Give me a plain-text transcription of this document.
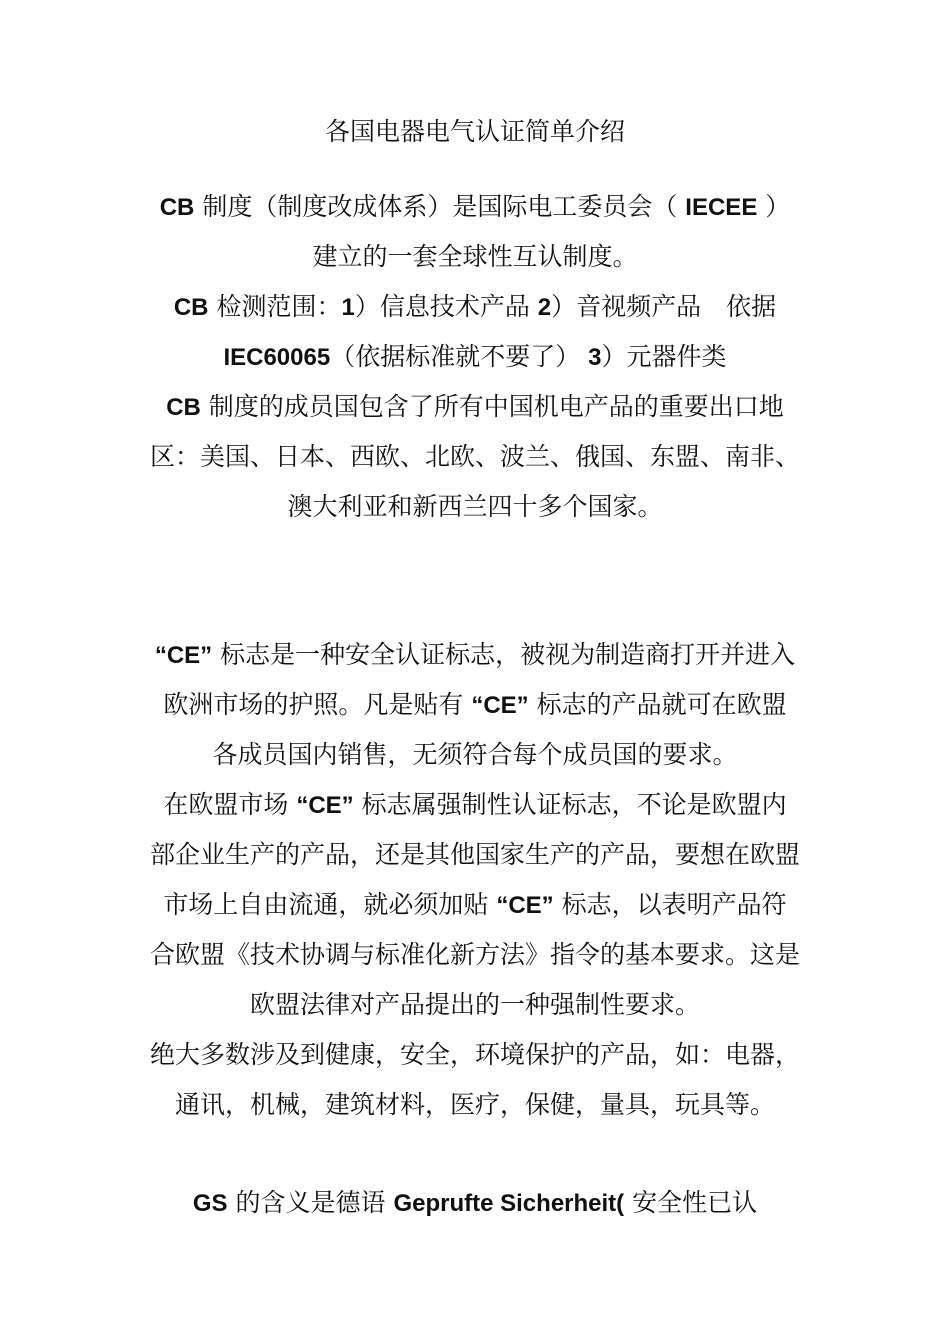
各国电器电气认证简单介绍
CB 制度（制度改成体系）是国际电工委员会（ IECEE ）
建立的一套全球性互认制度。
CB 检测范围：1）信息技术产品 2）音视频产品　依据
IEC60065（依据标准就不要了） 3）元器件类
CB 制度的成员国包含了所有中国机电产品的重要出口地
区：美国、日本、西欧、北欧、波兰、俄国、东盟、南非、
澳大利亚和新西兰四十多个国家。
“CE” 标志是一种安全认证标志，被视为制造商打开并进入
欧洲市场的护照。凡是贴有 “CE” 标志的产品就可在欧盟
各成员国内销售，无须符合每个成员国的要求。
在欧盟市场 “CE” 标志属强制性认证标志，不论是欧盟内
部企业生产的产品，还是其他国家生产的产品，要想在欧盟
市场上自由流通，就必须加贴 “CE” 标志，以表明产品符
合欧盟《技术协调与标准化新方法》指令的基本要求。这是
欧盟法律对产品提出的一种强制性要求。
绝大多数涉及到健康，安全，环境保护的产品，如：电器，
通讯，机械，建筑材料，医疗，保健，量具，玩具等。
GS 的含义是德语 Geprufte Sicherheit( 安全性已认
